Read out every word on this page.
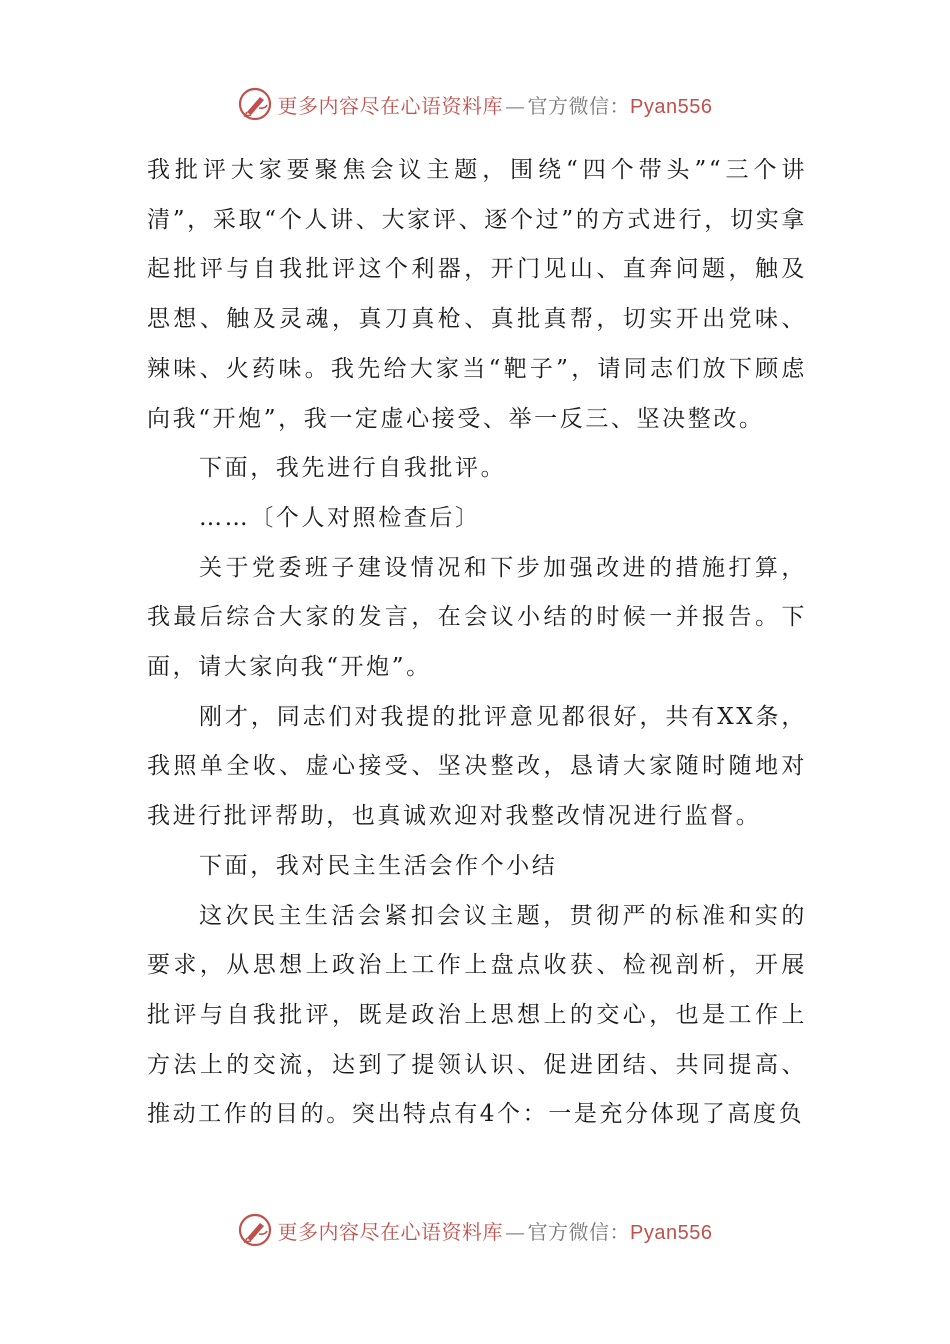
更多内容尽在心语资料库 — 官方微信： Pyan556

我批评大家要聚焦会议主题，围绕“四个带头”“三个讲清”，采取“个人讲、大家评、逐个过”的方式进行，切实拿起批评与自我批评这个利器，开门见山、直奔问题，触及思想、触及灵魂，真刀真枪、真批真帮，切实开出党味、辣味、火药味。我先给大家当“靶子”，请同志们放下顾虑向我“开炮”，我一定虚心接受、举一反三、坚决整改。

下面，我先进行自我批评。

……〔个人对照检查后〕

关于党委班子建设情况和下步加强改进的措施打算，我最后综合大家的发言，在会议小结的时候一并报告。下面，请大家向我“开炮”。

刚才，同志们对我提的批评意见都很好，共有XX条，我照单全收、虚心接受、坚决整改，恳请大家随时随地对我进行批评帮助，也真诚欢迎对我整改情况进行监督。

下面，我对民主生活会作个小结

这次民主生活会紧扣会议主题，贯彻严的标准和实的要求，从思想上政治上工作上盘点收获、检视剖析，开展批评与自我批评，既是政治上思想上的交心，也是工作上方法上的交流，达到了提领认识、促进团结、共同提高、推动工作的目的。突出特点有4个：一是充分体现了高度负

更多内容尽在心语资料库 — 官方微信： Pyan556
